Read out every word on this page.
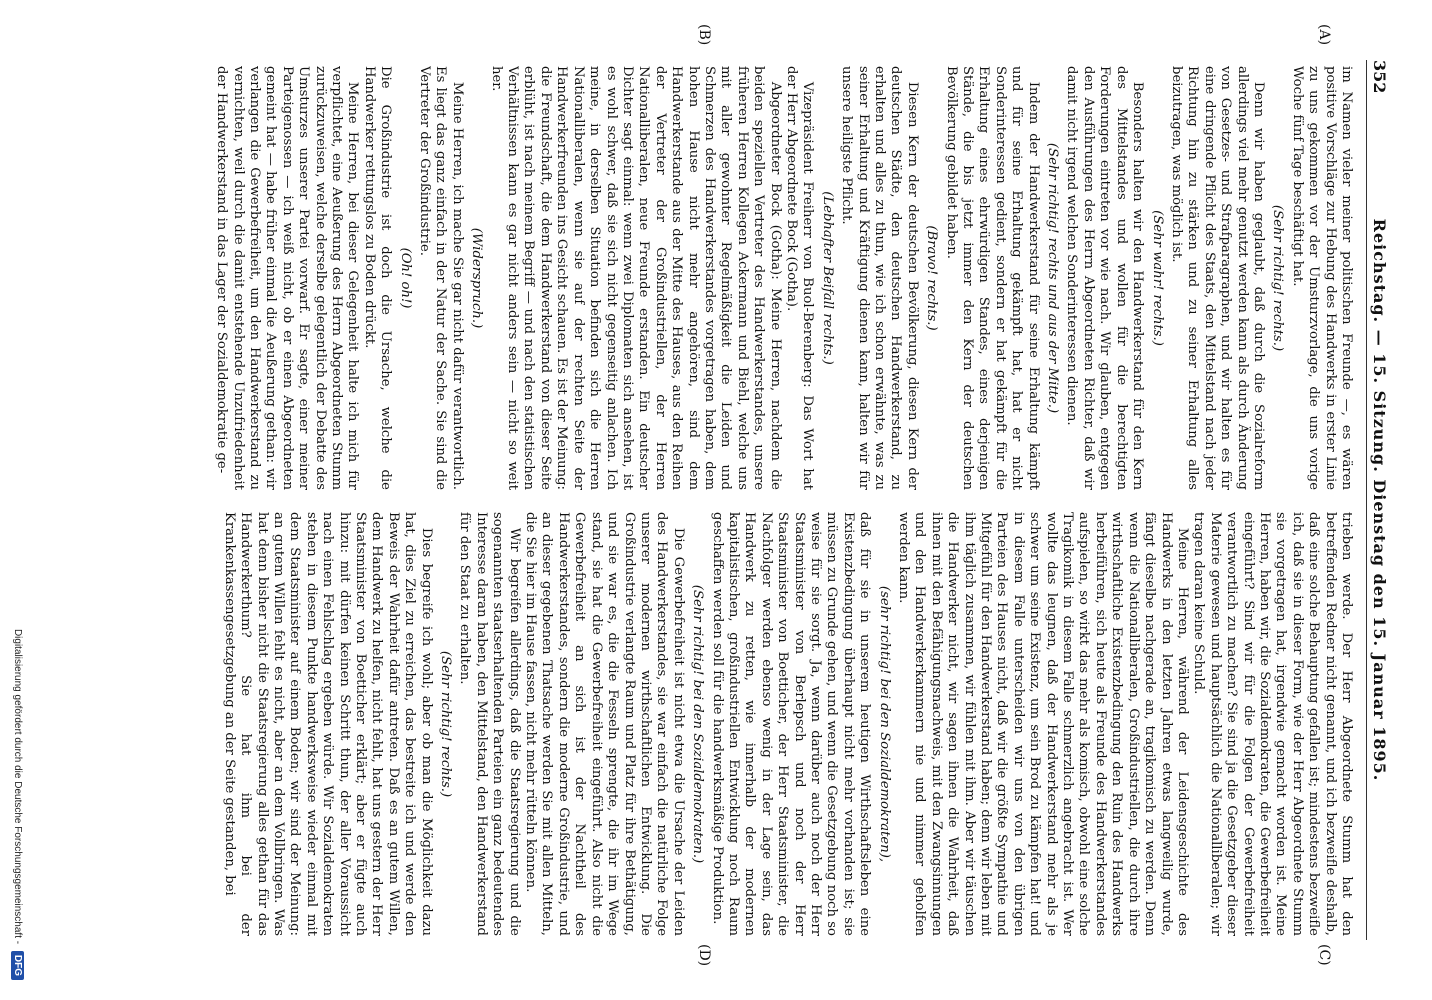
352
Reichstag. — 15. Sitzung. Dienstag den 15. Januar 1895.
(A)
(B)
(C)
(D)

im Namen vieler meiner politischen Freunde —, es wären positive Vorschläge zur Hebung des Handwerks in erster Linie zu uns gekommen vor der Umsturzvorlage, die uns vorige Woche fünf Tage beschäftigt hat.

(Sehr richtig! rechts.)

Denn wir haben geglaubt, daß durch die Sozialreform allerdings viel mehr genutzt werden kann als durch Änderung von Gesetzes- und Strafparagraphen, und wir halten es für eine dringende Pflicht des Staats, den Mittelstand nach jeder Richtung hin zu stärken und zu seiner Erhaltung alles beizutragen, was möglich ist.

(Sehr wahr! rechts.)

Besonders halten wir den Handwerkerstand für den Kern des Mittelstandes und wollen für die berechtigten Forderungen eintreten vor wie nach. Wir glauben, entgegen den Ausführungen des Herrn Abgeordneten Richter, daß wir damit nicht irgend welchen Sonderinteressen dienen.

(Sehr richtig! rechts und aus der Mitte.)

Indem der Handwerkerstand für seine Erhaltung kämpft und für seine Erhaltung gekämpft hat, hat er nicht Sonderinteressen gedient, sondern er hat gekämpft für die Erhaltung eines ehrwürdigen Standes, eines derjenigen Stände, die bis jetzt immer den Kern der deutschen Bevölkerung gebildet haben.

(Bravo! rechts.)

Diesen Kern der deutschen Bevölkerung, diesen Kern der deutschen Städte, den deutschen Handwerkerstand, zu erhalten und alles zu thun, wie ich schon erwähnte, was zu seiner Erhaltung und Kräftigung dienen kann, halten wir für unsere heiligste Pflicht.

(Lebhafter Beifall rechts.)

Vizepräsident Freiherr von Buol-Berenberg: Das Wort hat der Herr Abgeordnete Bock (Gotha).

Abgeordneter Bock (Gotha): Meine Herren, nachdem die beiden speziellen Vertreter des Handwerkerstandes, unsere früheren Herren Kollegen Ackermann und Biehl, welche uns mit aller gewohnter Regelmäßigkeit die Leiden und Schmerzen des Handwerkerstandes vorgetragen haben, dem hohen Hause nicht mehr angehören, sind dem Handwerkerstande aus der Mitte des Hauses, aus den Reihen der Vertreter der Großindustriellen, der Herren Nationalliberalen, neue Freunde erstanden. Ein deutscher Dichter sagt einmal: wenn zwei Diplomaten sich ansehen, ist es wohl schwer, daß sie sich nicht gegenseitig anlachen. Ich meine, in derselben Situation befinden sich die Herren Nationalliberalen, wenn sie auf der rechten Seite der Handwerkerfreunden ins Gesicht schauen. Es ist der Meinung: die Freundschaft, die dem Handwerkerstand von dieser Seite erblüht, ist nach meinem Begriff — und nach den statistischen Verhältnissen kann es gar nicht anders sein — nicht so weit her.

(Widerspruch.)

Meine Herren, ich mache Sie gar nicht dafür verantwortlich. Es liegt das ganz einfach in der Natur der Sache. Sie sind die Vertreter der Großindustrie.

(Oh! oh!)

Die Großindustrie ist doch die Ursache, welche die Handwerker rettungslos zu Boden drückt.

Meine Herren, bei dieser Gelegenheit halte ich mich für verpflichtet, eine Aeußerung des Herrn Abgeordneten Stumm zurückzuweisen, welche derselbe gelegentlich der Debatte des Umsturzes unserer Partei vorwarf. Er sagte, einer meiner Parteigenossen — ich weiß nicht, ob er einen Abgeordneten gemeint hat — habe früher einmal die Aeußerung gethan: wir verlangen die Gewerbefreiheit, um den Handwerkerstand zu vernichten, weil durch die damit entstehende Unzufriedenheit der Handwerkerstand in das Lager der Sozialdemokratie ge-

trieben werde. Der Herr Abgeordnete Stumm hat den betreffenden Redner nicht genannt, und ich bezweifle deshalb, daß eine solche Behauptung gefallen ist; mindestens bezweifle ich, daß sie in dieser Form, wie der Herr Abgeordnete Stumm sie vorgetragen hat, irgendwie gemacht worden ist. Meine Herren, haben wir, die Sozialdemokraten, die Gewerbefreiheit eingeführt? Sind wir für die Folgen der Gewerbefreiheit verantwortlich zu machen? Sie sind ja die Gesetzgeber dieser Materie gewesen und hauptsächlich die Nationalliberalen; wir tragen daran keine Schuld.

Meine Herren, während der Leidensgeschichte des Handwerks in den letzten Jahren etwas langweilig wurde, fängt dieselbe nachgerade an, tragikomisch zu werden. Denn wenn die Nationalliberalen, Großindustriellen, die durch ihre wirthschaftliche Existenzbedingung den Ruin des Handwerks herbeiführen, sich heute als Freunde des Handwerkerstandes aufspielen, so wirkt das mehr als komisch, obwohl eine solche Tragikomik in diesem Falle schmerzlich angebracht ist. Wer wollte das leugnen, daß der Handwerkerstand mehr als je schwer um seine Existenz, um sein Brod zu kämpfen hat! und in diesem Falle unterscheiden wir uns von den übrigen Parteien des Hauses nicht, daß wir die größte Sympathie und Mitgefühl für den Handwerkerstand haben; denn wir leben mit ihm täglich zusammen, wir fühlen mit ihm. Aber wir täuschen die Handwerker nicht, wir sagen ihnen die Wahrheit, daß ihnen mit den Befähigungsnachweis, mit den Zwangsinnungen und den Handwerkerkammern nie und nimmer geholfen werden kann.

(sehr richtig! bei den Sozialdemokraten),

daß für sie in unserem heutigen Wirthschaftsleben eine Existenzbedingung überhaupt nicht mehr vorhanden ist; sie müssen zu Grunde gehen, und wenn die Gesetzgebung noch so weise für sie sorgt. Ja, wenn darüber auch noch der Herr Staatsminister von Berlepsch und noch der Herr Staatsminister von Boetticher, der Herr Staatsminister, die Nachfolger werden ebenso wenig in der Lage sein, das Handwerk zu retten, wie innerhalb der modernen kapitalistischen, großindustriellen Entwicklung noch Raum geschaffen werden soll für die handwerksmäßige Produktion.

(Sehr richtig! bei den Sozialdemokraten.)

Die Gewerbefreiheit ist nicht etwa die Ursache der Leiden des Handwerkerstandes, sie war einfach die natürliche Folge unserer modernen wirthschaftlichen Entwicklung. Die Großindustrie verlangte Raum und Platz für ihre Bethätigung, und sie war es, die die Fesseln sprengte, die ihr im Wege stand, sie hat die Gewerbefreiheit eingeführt. Also nicht die Gewerbefreiheit an sich ist der Nachtheil des Handwerkerstandes, sondern die moderne Großindustrie, und an dieser gegebenen Thatsache werden Sie mit allen Mitteln, die Sie hier im Hause fassen, nicht mehr rütteln können.

Wir begreifen allerdings, daß die Staatsregierung und die sogenannten staatserhaltenden Parteien ein ganz bedeutendes Interesse daran haben, den Mittelstand, den Handwerkerstand für den Staat zu erhalten.

(Sehr richtig! rechts.)

Dies begreife ich wohl; aber ob man die Möglichkeit dazu hat, dies Ziel zu erreichen, das bestreite ich und werde den Beweis der Wahrheit dafür antreten. Daß es an gutem Willen, dem Handwerk zu helfen, nicht fehlt, hat uns gestern der Herr Staatsminister von Boetticher erklärt; aber er fügte auch hinzu: mit dürfen keinen Schritt thun, der aller Voraussicht nach einen Fehlschlag ergeben würde. Wir Sozialdemokraten stehen in diesem Punkte handwerksweise wieder einmal mit dem Staatsminister auf einem Boden; wir sind der Meinung: an gutem Willen fehlt es nicht, aber an dem Vollbringen. Was hat denn bisher nicht die Staatsregierung alles gethan für das Handwerkerthum? Sie hat ihm bei der Krankenkassengesetzgebung an der Seite gestanden, bei

Digitalisierung gefördert durch die Deutsche Forschungsgemeinschaft - DFG
